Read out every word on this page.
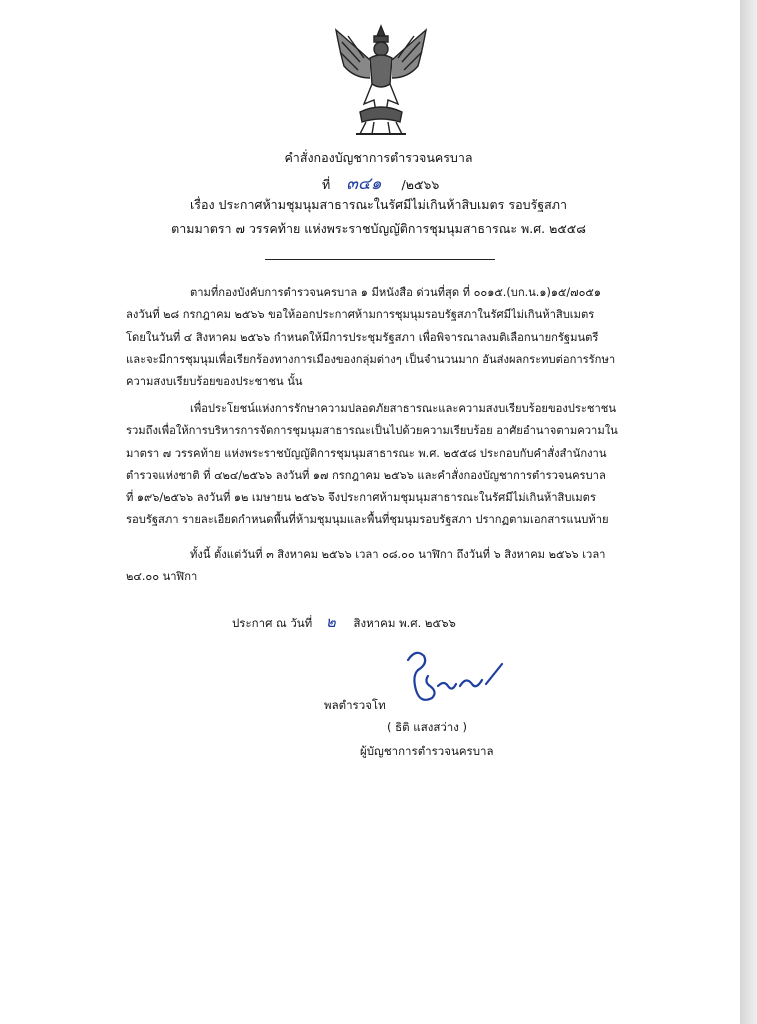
คำสั่งกองบัญชาการตำรวจนครบาล
ที่ ๓๔๑ /๒๕๖๖
เรื่อง ประกาศห้ามชุมนุมสาธารณะในรัศมีไม่เกินห้าสิบเมตร รอบรัฐสภา
ตามมาตรา ๗ วรรคท้าย แห่งพระราชบัญญัติการชุมนุมสาธารณะ พ.ศ. ๒๕๕๘
ตามที่กองบังคับการตำรวจนครบาล ๑ มีหนังสือ ด่วนที่สุด ที่ ๐๐๑๕.(บก.น.๑)๑๕/๗๐๕๑
ลงวันที่ ๒๘ กรกฎาคม ๒๕๖๖ ขอให้ออกประกาศห้ามการชุมนุมรอบรัฐสภาในรัศมีไม่เกินห้าสิบเมตร
โดยในวันที่ ๔ สิงหาคม ๒๕๖๖ กำหนดให้มีการประชุมรัฐสภา เพื่อพิจารณาลงมติเลือกนายกรัฐมนตรี
และจะมีการชุมนุมเพื่อเรียกร้องทางการเมืองของกลุ่มต่างๆ เป็นจำนวนมาก อันส่งผลกระทบต่อการรักษา
ความสงบเรียบร้อยของประชาชน นั้น
เพื่อประโยชน์แห่งการรักษาความปลอดภัยสาธารณะและความสงบเรียบร้อยของประชาชน
รวมถึงเพื่อให้การบริหารการจัดการชุมนุมสาธารณะเป็นไปด้วยความเรียบร้อย อาศัยอำนาจตามความใน
มาตรา ๗ วรรคท้าย แห่งพระราชบัญญัติการชุมนุมสาธารณะ พ.ศ. ๒๕๕๘ ประกอบกับคำสั่งสำนักงาน
ตำรวจแห่งชาติ ที่ ๔๒๔/๒๕๖๖ ลงวันที่ ๑๗ กรกฎาคม ๒๕๖๖ และคำสั่งกองบัญชาการตำรวจนครบาล
ที่ ๑๙๖/๒๕๖๖ ลงวันที่ ๑๒ เมษายน ๒๕๖๖ จึงประกาศห้ามชุมนุมสาธารณะในรัศมีไม่เกินห้าสิบเมตร
รอบรัฐสภา รายละเอียดกำหนดพื้นที่ห้ามชุมนุมและพื้นที่ชุมนุมรอบรัฐสภา ปรากฏตามเอกสารแนบท้าย
ทั้งนี้ ตั้งแต่วันที่ ๓ สิงหาคม ๒๕๖๖ เวลา ๐๘.๐๐ นาฬิกา ถึงวันที่ ๖ สิงหาคม ๒๕๖๖ เวลา
๒๔.๐๐ นาฬิกา
ประกาศ ณ วันที่ ๒ สิงหาคม พ.ศ. ๒๕๖๖
พลตำรวจโท
( ธิติ แสงสว่าง )
ผู้บัญชาการตำรวจนครบาล
